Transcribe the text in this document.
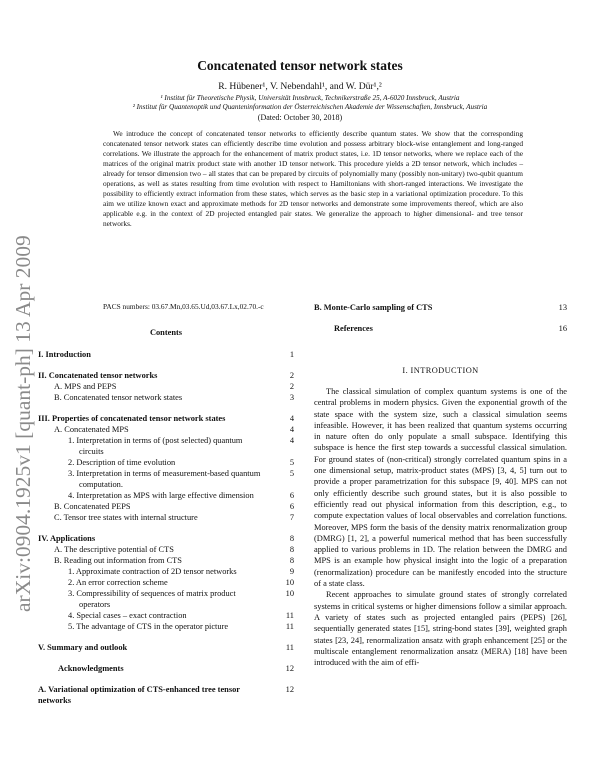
arXiv:0904.1925v1 [quant-ph] 13 Apr 2009
Concatenated tensor network states
R. Hübener¹, V. Nebendahl¹, and W. Dür¹,²
¹ Institut für Theoretische Physik, Universität Innsbruck, Technikerstraße 25, A-6020 Innsbruck, Austria
² Institut für Quantenoptik und Quanteninformation der Österreichischen Akademie der Wissenschaften, Innsbruck, Austria
(Dated: October 30, 2018)
We introduce the concept of concatenated tensor networks to efficiently describe quantum states. We show that the corresponding concatenated tensor network states can efficiently describe time evolution and possess arbitrary block-wise entanglement and long-ranged correlations. We illustrate the approach for the enhancement of matrix product states, i.e. 1D tensor networks, where we replace each of the matrices of the original matrix product state with another 1D tensor network. This procedure yields a 2D tensor network, which includes – already for tensor dimension two – all states that can be prepared by circuits of polynomially many (possibly non-unitary) two-qubit quantum operations, as well as states resulting from time evolution with respect to Hamiltonians with short-ranged interactions. We investigate the possibility to efficiently extract information from these states, which serves as the basic step in a variational optimization procedure. To this aim we utilize known exact and approximate methods for 2D tensor networks and demonstrate some improvements thereof, which are also applicable e.g. in the context of 2D projected entangled pair states. We generalize the approach to higher dimensional- and tree tensor networks.
PACS numbers: 03.67.Mn,03.65.Ud,03.67.Lx,02.70.-c
Contents
I. Introduction	1
II. Concatenated tensor networks	2
A. MPS and PEPS	2
B. Concatenated tensor network states	3
III. Properties of concatenated tensor network states	4
A. Concatenated MPS	4
1. Interpretation in terms of (post selected) quantum circuits
4
2. Description of time evolution	5
3. Interpretation in terms of measurement-based quantum computation.
5
4. Interpretation as MPS with large effective dimension	6
B. Concatenated PEPS	6
C. Tensor tree states with internal structure	7
IV. Applications	8
A. The descriptive potential of CTS	8
B. Reading out information from CTS	8
1. Approximate contraction of 2D tensor networks	9
2. An error correction scheme	10
3. Compressibility of sequences of matrix product operators
10
4. Special cases – exact contraction	11
5. The advantage of CTS in the operator picture	11
V. Summary and outlook	11
Acknowledgments	12
A. Variational optimization of CTS-enhanced tree tensor networks
12
B. Monte-Carlo sampling of CTS	13
References	16
I. INTRODUCTION

The classical simulation of complex quantum systems is one of the central problems in modern physics. Given the exponential growth of the state space with the system size, such a classical simulation seems infeasible. However, it has been realized that quantum systems occurring in nature often do only populate a small subspace. Identifying this subspace is hence the first step towards a successful classical simulation. For ground states of (non-critical) strongly correlated quantum spins in a one dimensional setup, matrix-product states (MPS) [3, 4, 5] turn out to provide a proper parametrization for this subspace [9, 40]. MPS can not only efficiently describe such ground states, but it is also possible to efficiently read out physical information from this description, e.g., to compute expectation values of local observables and correlation functions. Moreover, MPS form the basis of the density matrix renormalization group (DMRG) [1, 2], a powerful numerical method that has been successfully applied to various problems in 1D. The relation between the DMRG and MPS is an example how physical insight into the logic of a preparation (renormalization) procedure can be manifestly encoded into the structure of a state class.

Recent approaches to simulate ground states of strongly correlated systems in critical systems or higher dimensions follow a similar approach. A variety of states such as projected entangled pairs (PEPS) [26], sequentially generated states [15], string-bond states [39], weighted graph states [23, 24], renormalization ansatz with graph enhancement [25] or the multiscale entanglement renormalization ansatz (MERA) [18] have been introduced with the aim of effi-
